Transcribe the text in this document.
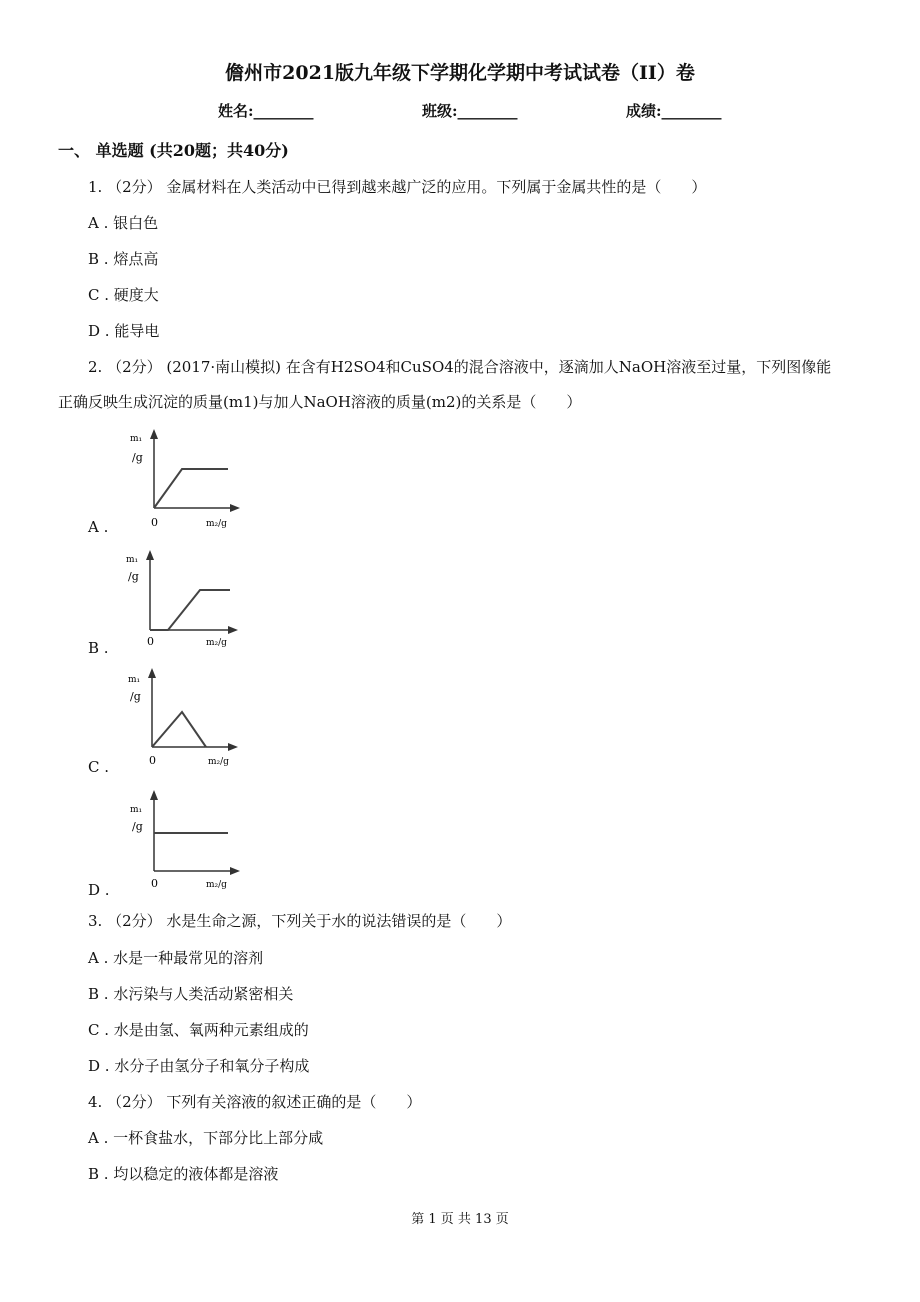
儋州市2021版九年级下学期化学期中考试试卷（II）卷
姓名:________	班级:________	成绩:________
一、 单选题 (共20题；共40分)
1. （2分） 金属材料在人类活动中已得到越来越广泛的应用。下列属于金属共性的是（　　）
A . 银白色
B . 熔点高
C . 硬度大
D . 能导电
2. （2分） (2017·南山模拟) 在含有H2SO4和CuSO4的混合溶液中，逐滴加人NaOH溶液至过量，下列图像能
正确反映生成沉淀的质量(m1)与加人NaOH溶液的质量(m2)的关系是（　　）
A .
m₁
/g
0	m₂/g
B .
m₁
/g
0	m₂/g
C .
m₁
/g
0	m₂/g
D .
m₁
/g
0	m₂/g
3. （2分） 水是生命之源，下列关于水的说法错误的是（　　）
A . 水是一种最常见的溶剂
B . 水污染与人类活动紧密相关
C . 水是由氢、氧两种元素组成的
D . 水分子由氢分子和氧分子构成
4. （2分） 下列有关溶液的叙述正确的是（　　）
A . 一杯食盐水，下部分比上部分咸
B . 均以稳定的液体都是溶液
第 1 页 共 13 页
